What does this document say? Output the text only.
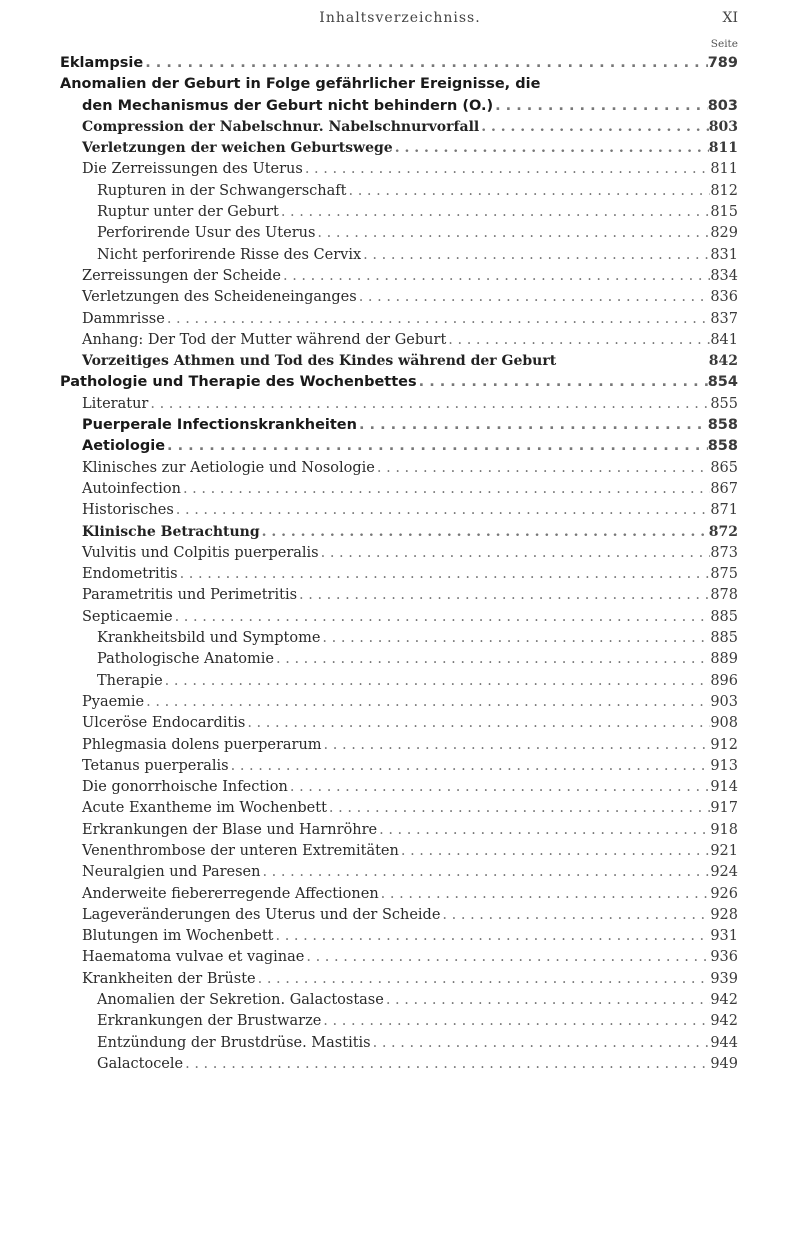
Inhaltsverzeichniss.	XI
Seite
Eklampsie . . .	789
Anomalien der Geburt in Folge gefährlicher Ereignisse, die
den Mechanismus der Geburt nicht behindern (O.) . . .	803
Compression der Nabelschnur. Nabelschnurvorfall . . .	803
Verletzungen der weichen Geburtswege . . .	811
Die Zerreissungen des Uterus . . .	811
Rupturen in der Schwangerschaft . . .	812
Ruptur unter der Geburt . . .	815
Perforirende Usur des Uterus . . .	829
Nicht perforirende Risse des Cervix . . .	831
Zerreissungen der Scheide . . .	834
Verletzungen des Scheideneinganges . . .	836
Dammrisse . . .	837
Anhang: Der Tod der Mutter während der Geburt . . .	841
Vorzeitiges Athmen und Tod des Kindes während der Geburt	842
Pathologie und Therapie des Wochenbettes . . .	854
Literatur . . .	855
Puerperale Infectionskrankheiten . . .	858
Aetiologie . . .	858
Klinisches zur Aetiologie und Nosologie . . .	865
Autoinfection . . .	867
Historisches . . .	871
Klinische Betrachtung . . .	872
Vulvitis und Colpitis puerperalis . . .	873
Endometritis . . .	875
Parametritis und Perimetritis . . .	878
Septicaemie . . .	885
Krankheitsbild und Symptome . . .	885
Pathologische Anatomie . . .	889
Therapie . . .	896
Pyaemie . . .	903
Ulceröse Endocarditis . . .	908
Phlegmasia dolens puerperarum . . .	912
Tetanus puerperalis . . .	913
Die gonorrhoische Infection . . .	914
Acute Exantheme im Wochenbett . . .	917
Erkrankungen der Blase und Harnröhre . . .	918
Venenthrombose der unteren Extremitäten . . .	921
Neuralgien und Paresen . . .	924
Anderweite fiebererregende Affectionen . . .	926
Lageveränderungen des Uterus und der Scheide . . .	928
Blutungen im Wochenbett . . .	931
Haematoma vulvae et vaginae . . .	936
Krankheiten der Brüste . . .	939
Anomalien der Sekretion. Galactostase . . .	942
Erkrankungen der Brustwarze . . .	942
Entzündung der Brustdrüse. Mastitis . . .	944
Galactocele . . .	949
